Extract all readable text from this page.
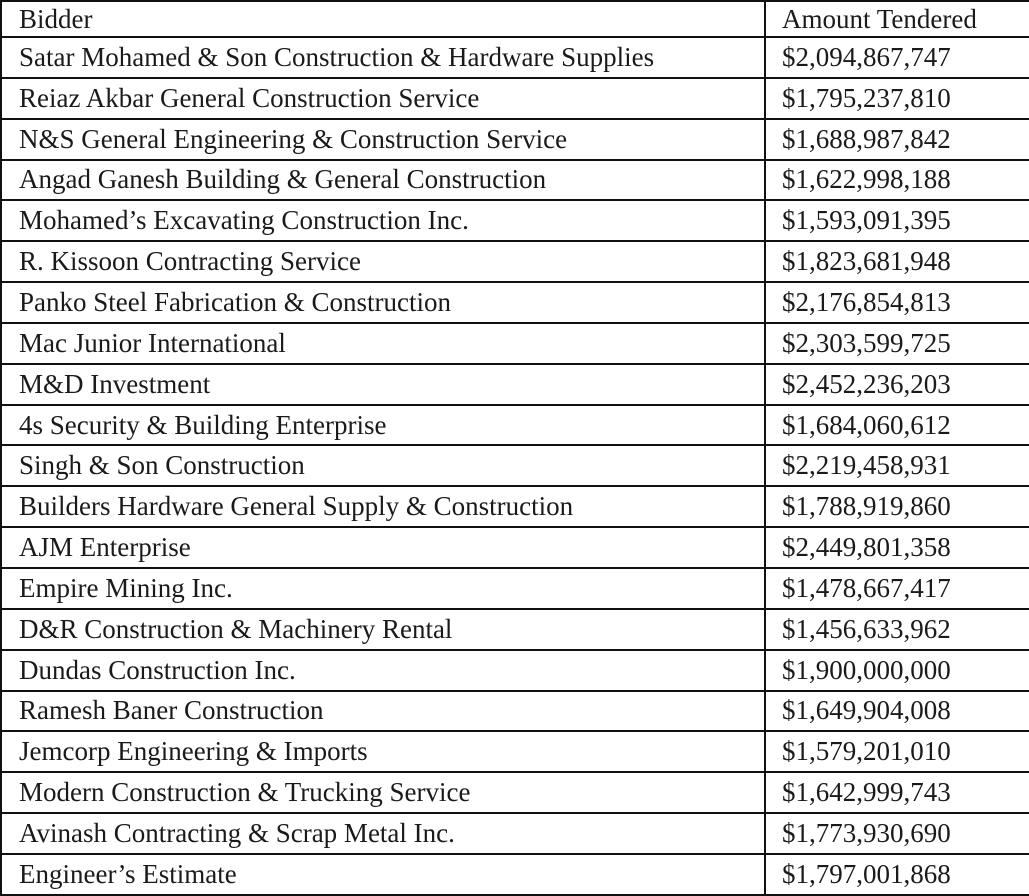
Bidder	Amount Tendered
Satar Mohamed & Son Construction & Hardware Supplies	$2,094,867,747
Reiaz Akbar General Construction Service	$1,795,237,810
N&S General Engineering & Construction Service	$1,688,987,842
Angad Ganesh Building & General Construction	$1,622,998,188
Mohamed’s Excavating Construction Inc.	$1,593,091,395
R. Kissoon Contracting Service	$1,823,681,948
Panko Steel Fabrication & Construction	$2,176,854,813
Mac Junior International	$2,303,599,725
M&D Investment	$2,452,236,203
4s Security & Building Enterprise	$1,684,060,612
Singh & Son Construction	$2,219,458,931
Builders Hardware General Supply & Construction	$1,788,919,860
AJM Enterprise	$2,449,801,358
Empire Mining Inc.	$1,478,667,417
D&R Construction & Machinery Rental	$1,456,633,962
Dundas Construction Inc.	$1,900,000,000
Ramesh Baner Construction	$1,649,904,008
Jemcorp Engineering & Imports	$1,579,201,010
Modern Construction & Trucking Service	$1,642,999,743
Avinash Contracting & Scrap Metal Inc.	$1,773,930,690
Engineer’s Estimate	$1,797,001,868
